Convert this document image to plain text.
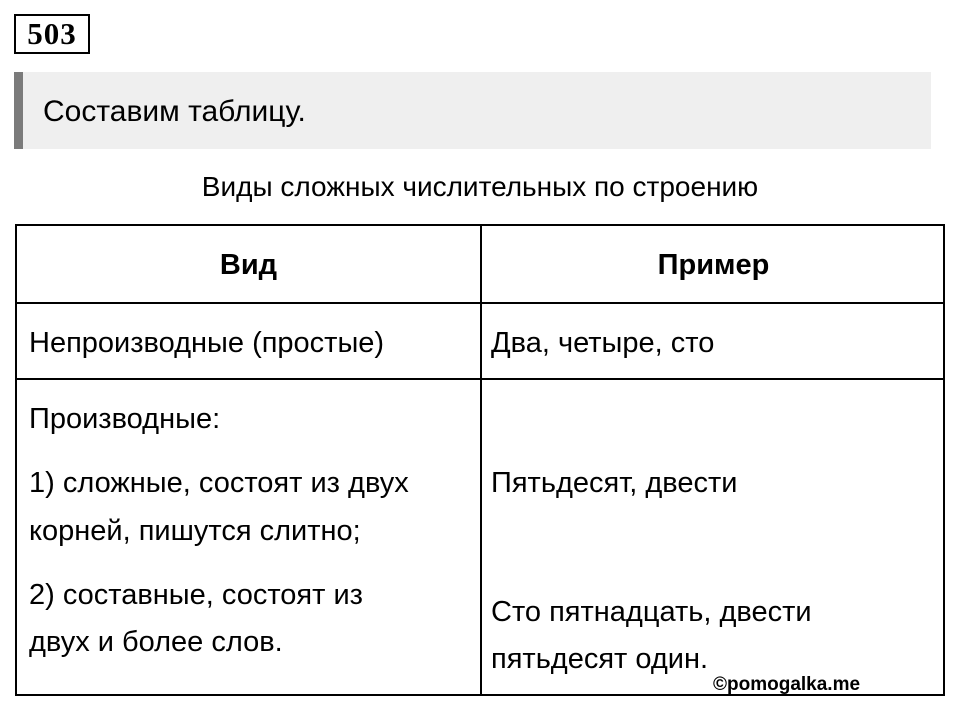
503
Составим таблицу.
Виды сложных числительных по строению
Вид	Пример
Непроизводные (простые)	Два, четыре, сто
Производные:
1) сложные, состоят из двух
корней, пишутся слитно;
2) составные, состоят из
двух и более слов.
Пятьдесят, двести
Сто пятнадцать, двести
пятьдесят один.
©pomogalka.me
